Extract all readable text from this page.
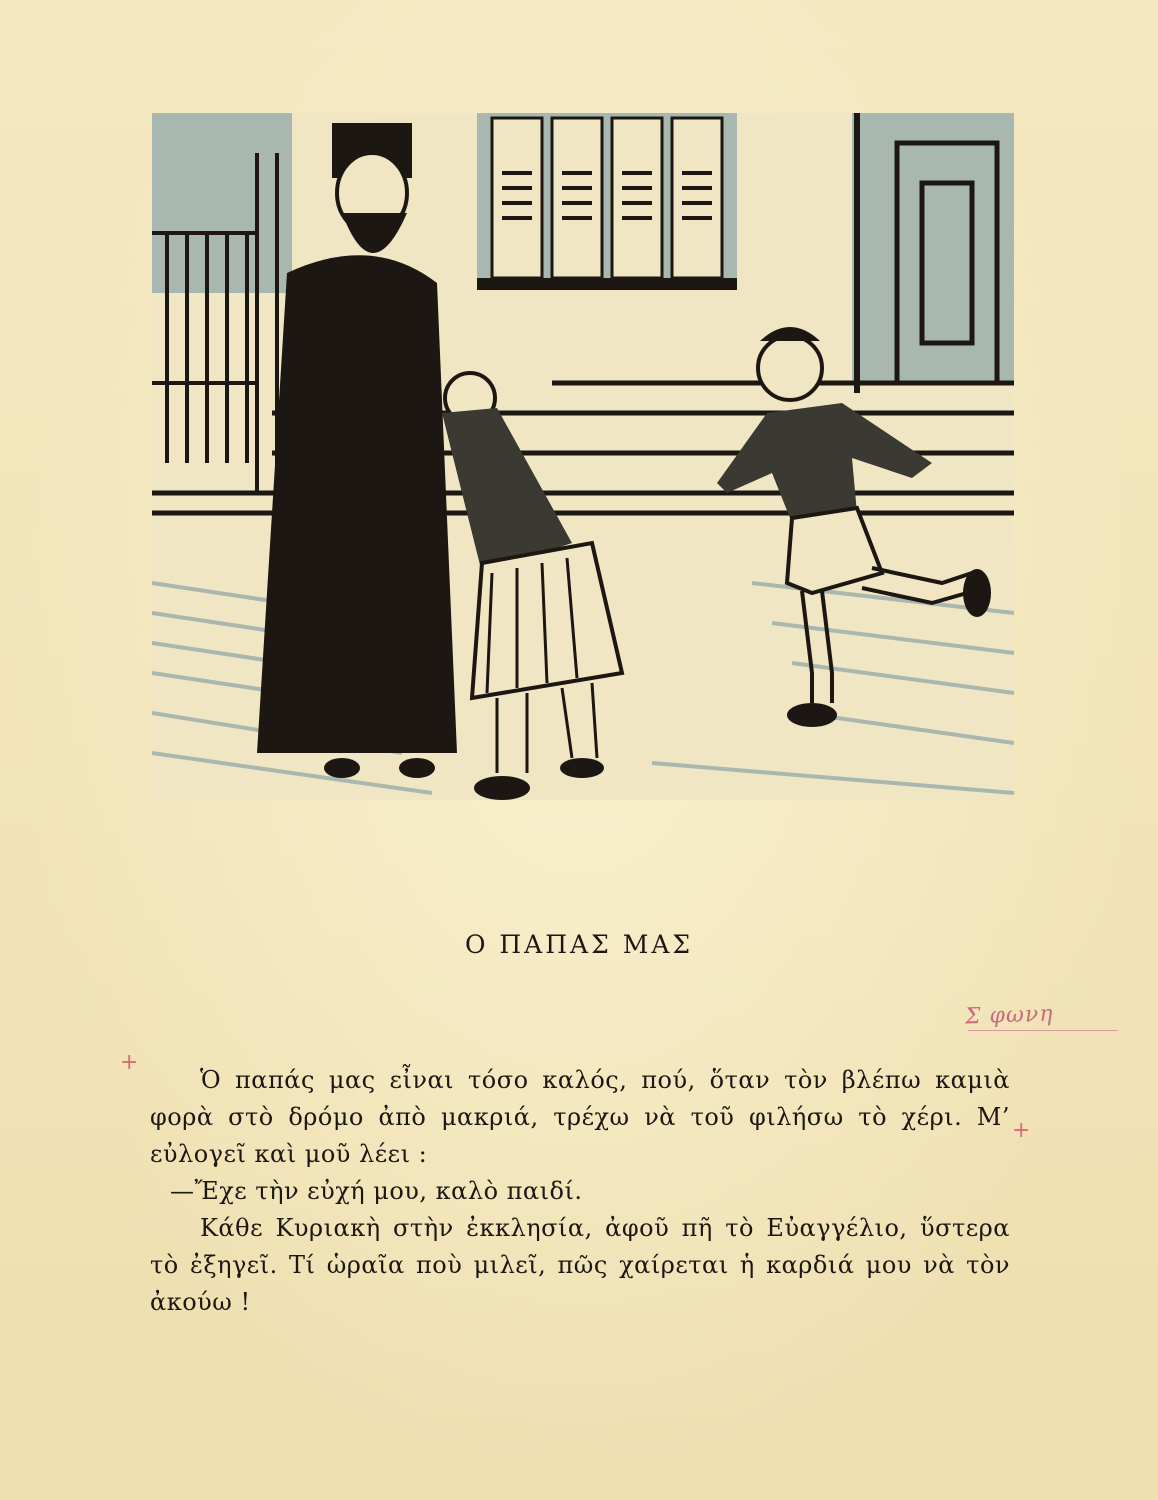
Ο ΠΑΠΑΣ ΜΑΣ
Σ φωνη
+
+

Ὁ παπάς μας εἶναι τόσο καλός, πού, ὅταν τὸν βλέπω καμιὰ φορὰ στὸ δρόμο ἀπὸ μακριά, τρέχω νὰ τοῦ φιλήσω τὸ χέρι. Μ’ εὐλογεῖ καὶ μοῦ λέει :

—Ἔχε τὴν εὐχή μου, καλὸ παιδί.

Κάθε Κυριακὴ στὴν ἐκκλησία, ἀφοῦ πῆ τὸ Εὐαγγέλιο, ὕστερα τὸ ἐξηγεῖ. Τί ὡραῖα ποὺ μιλεῖ, πῶς χαίρεται ἡ καρδιά μου νὰ τὸν ἀκούω !
